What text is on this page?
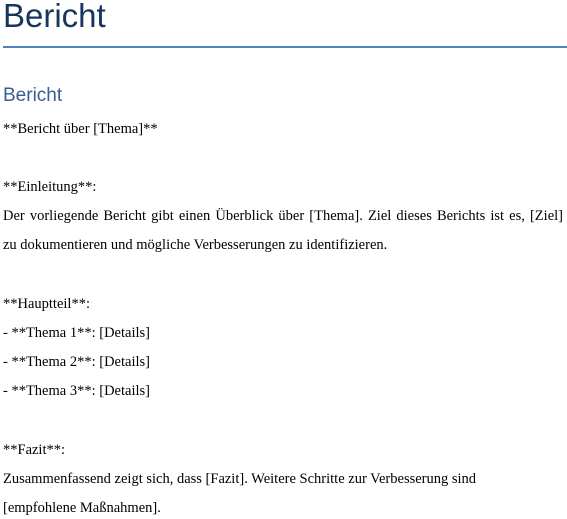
Bericht
Bericht

**Bericht über [Thema]**

**Einleitung**:

Der vorliegende Bericht gibt einen Überblick über [Thema]. Ziel dieses Berichts ist es, [Ziel]

zu dokumentieren und mögliche Verbesserungen zu identifizieren.

**Hauptteil**:

- **Thema 1**: [Details]

- **Thema 2**: [Details]

- **Thema 3**: [Details]

**Fazit**:

Zusammenfassend zeigt sich, dass [Fazit]. Weitere Schritte zur Verbesserung sind

[empfohlene Maßnahmen].
